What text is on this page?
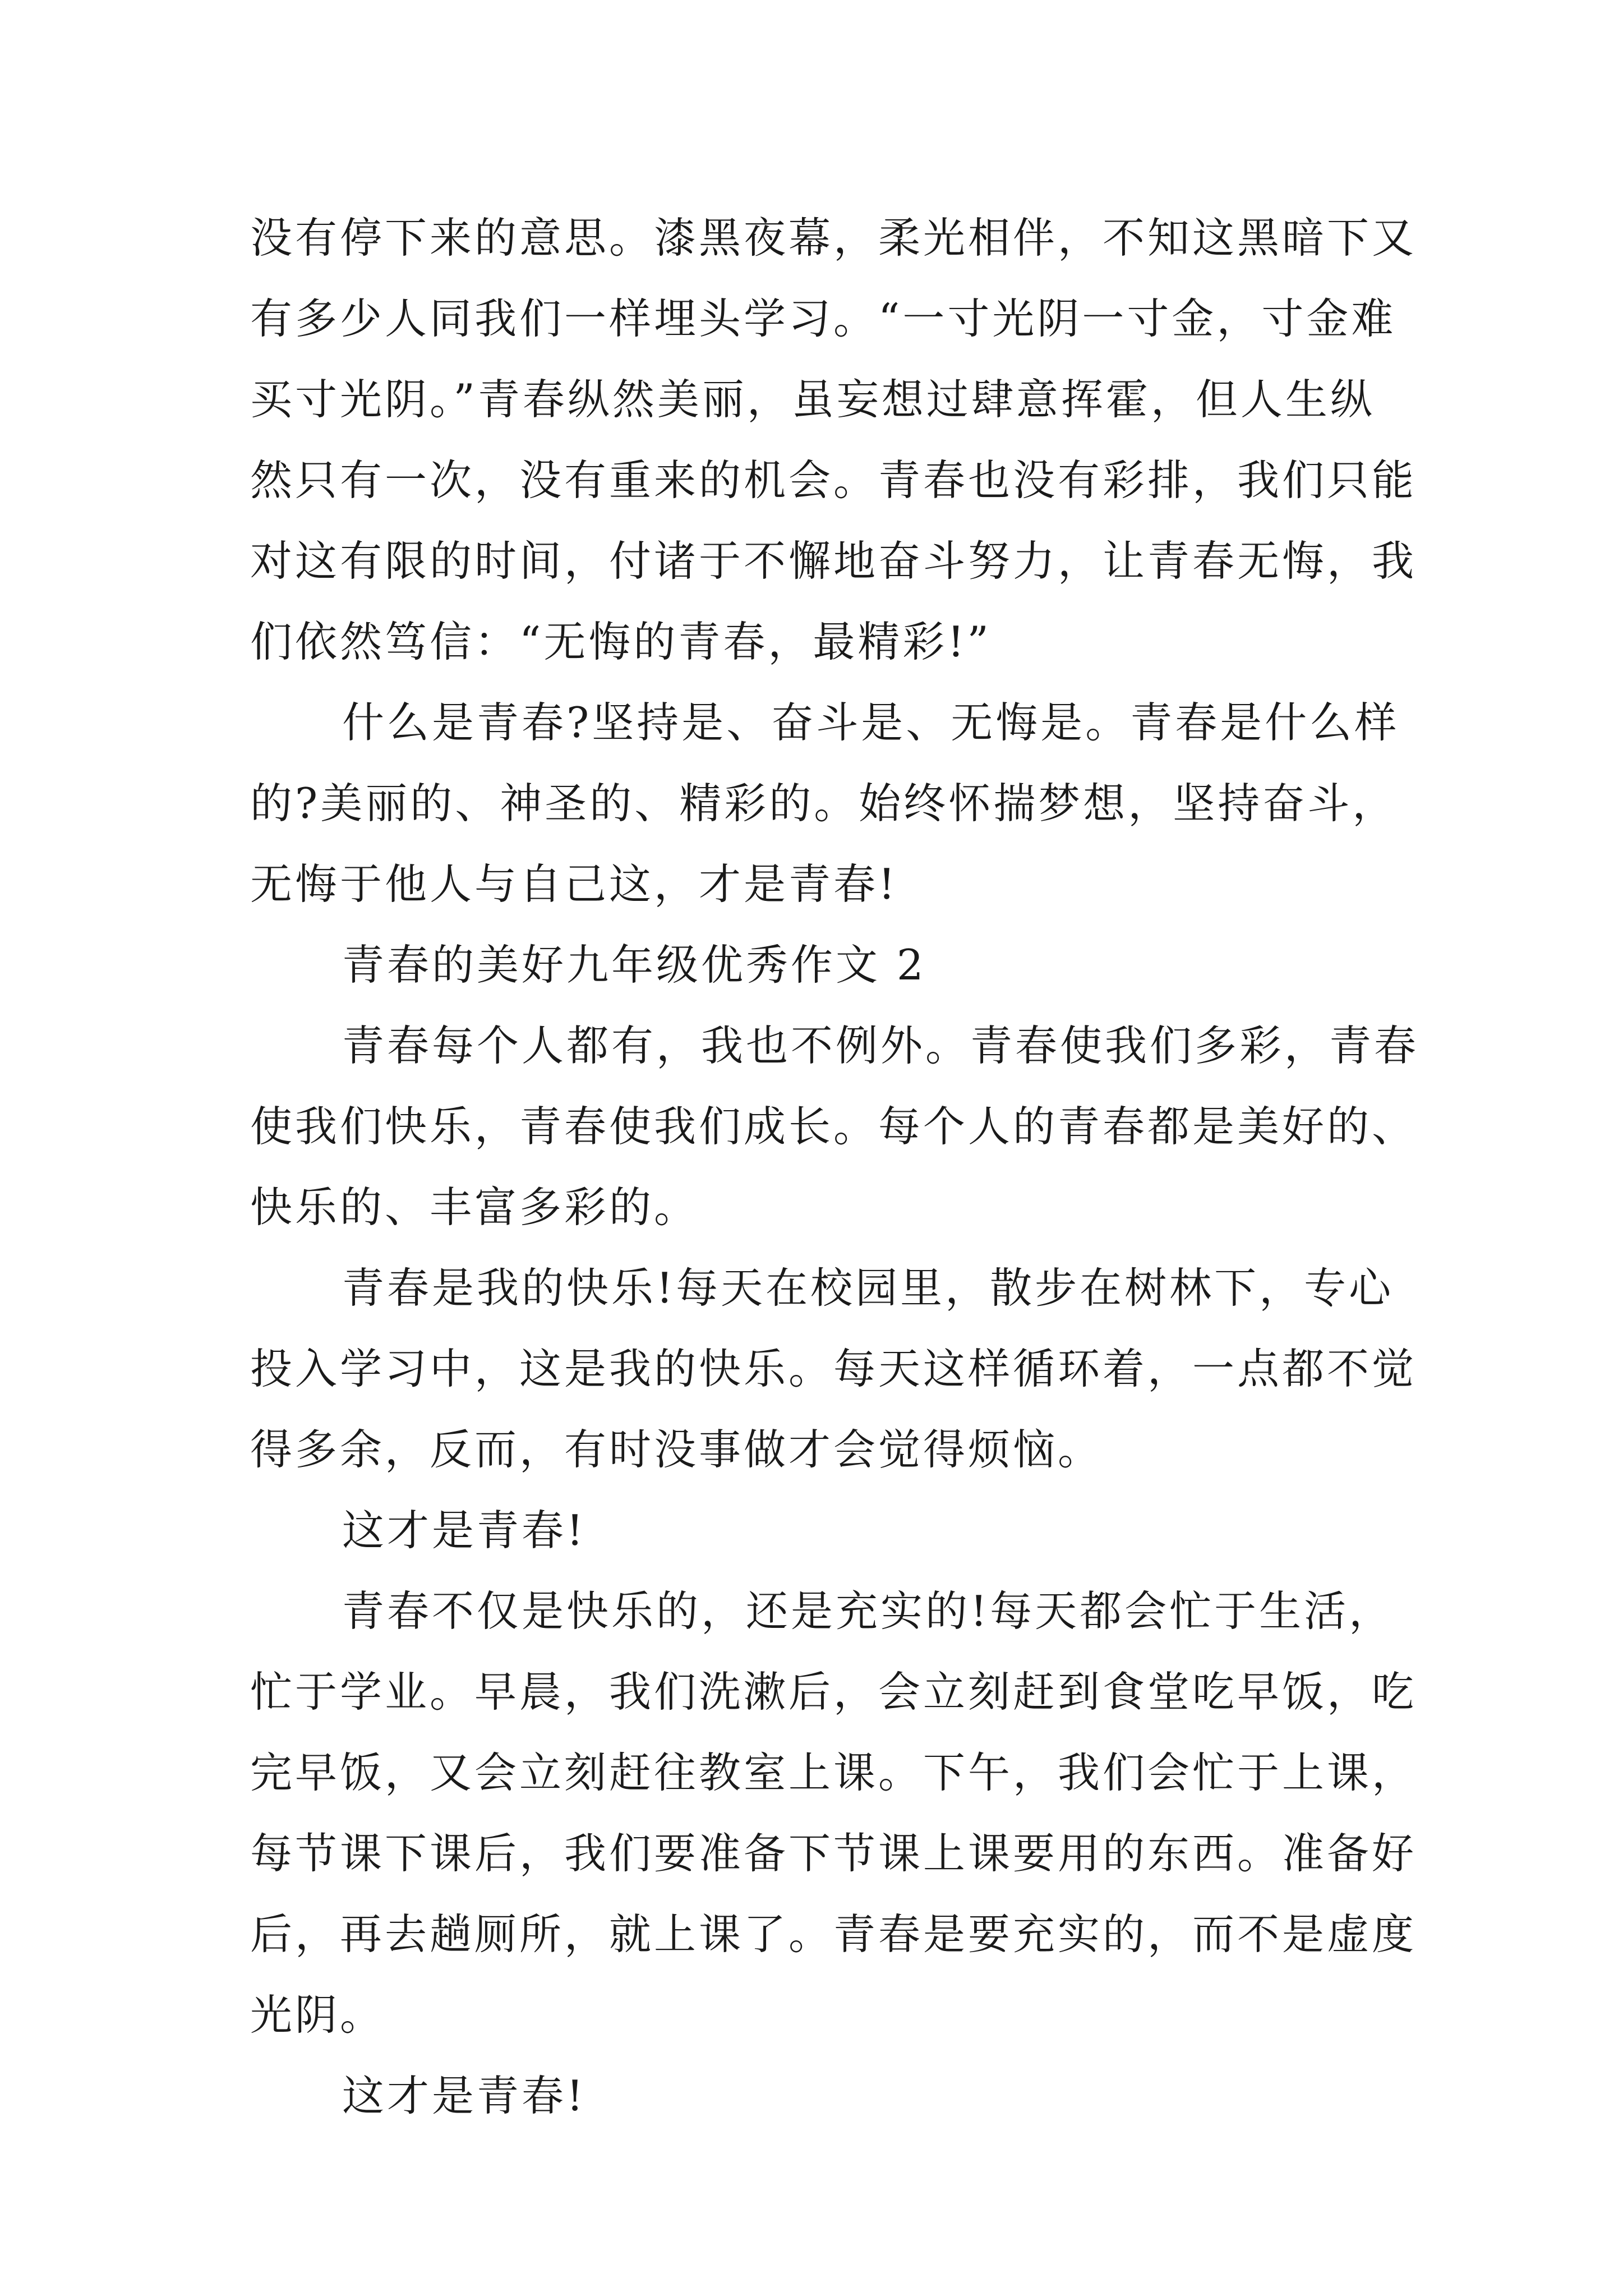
没有停下来的意思。漆黑夜幕，柔光相伴，不知这黑暗下又
有多少人同我们一样埋头学习。“一寸光阴一寸金，寸金难
买寸光阴。”青春纵然美丽，虽妄想过肆意挥霍，但人生纵
然只有一次，没有重来的机会。青春也没有彩排，我们只能
对这有限的时间，付诸于不懈地奋斗努力，让青春无悔，我
们依然笃信：“无悔的青春，最精彩!”
什么是青春?坚持是、奋斗是、无悔是。青春是什么样
的?美丽的、神圣的、精彩的。始终怀揣梦想，坚持奋斗，
无悔于他人与自己这，才是青春!
青春的美好九年级优秀作文 2
青春每个人都有，我也不例外。青春使我们多彩，青春
使我们快乐，青春使我们成长。每个人的青春都是美好的、
快乐的、丰富多彩的。
青春是我的快乐!每天在校园里，散步在树林下，专心
投入学习中，这是我的快乐。每天这样循环着，一点都不觉
得多余，反而，有时没事做才会觉得烦恼。
这才是青春!
青春不仅是快乐的，还是充实的!每天都会忙于生活，
忙于学业。早晨，我们洗漱后，会立刻赶到食堂吃早饭，吃
完早饭，又会立刻赶往教室上课。下午，我们会忙于上课，
每节课下课后，我们要准备下节课上课要用的东西。准备好
后，再去趟厕所，就上课了。青春是要充实的，而不是虚度
光阴。
这才是青春!
